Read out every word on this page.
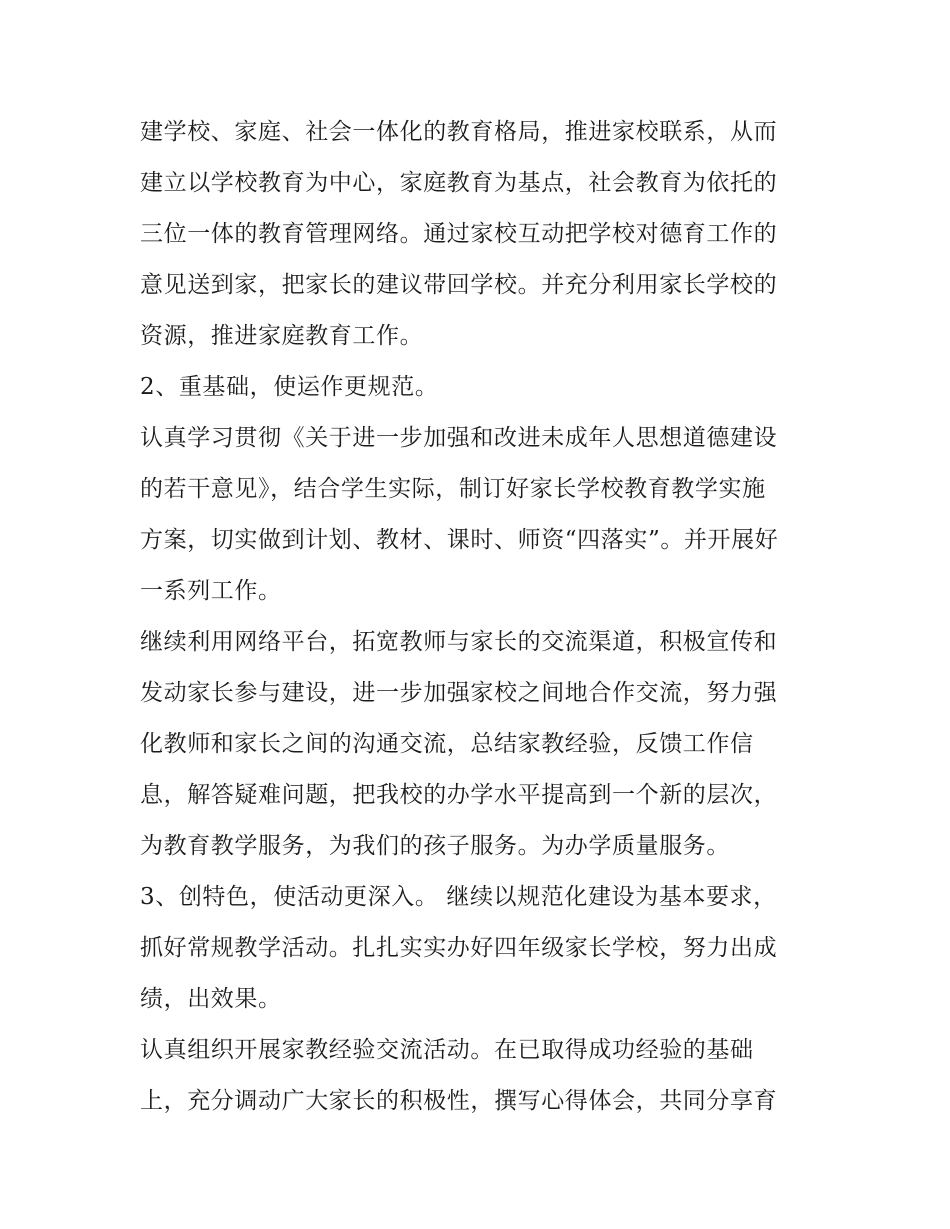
建学校、家庭、社会一体化的教育格局，推进家校联系，从而
建立以学校教育为中心，家庭教育为基点，社会教育为依托的
三位一体的教育管理网络。通过家校互动把学校对德育工作的
意见送到家，把家长的建议带回学校。并充分利用家长学校的
资源，推进家庭教育工作。
2、重基础，使运作更规范。
认真学习贯彻《关于进一步加强和改进未成年人思想道德建设
的若干意见》，结合学生实际，制订好家长学校教育教学实施
方案，切实做到计划、教材、课时、师资“四落实”。并开展好
一系列工作。
继续利用网络平台，拓宽教师与家长的交流渠道，积极宣传和
发动家长参与建设，进一步加强家校之间地合作交流，努力强
化教师和家长之间的沟通交流，总结家教经验，反馈工作信
息，解答疑难问题，把我校的办学水平提高到一个新的层次，
为教育教学服务，为我们的孩子服务。为办学质量服务。
3、创特色，使活动更深入。 继续以规范化建设为基本要求，
抓好常规教学活动。扎扎实实办好四年级家长学校，努力出成
绩，出效果。
认真组织开展家教经验交流活动。在已取得成功经验的基础
上，充分调动广大家长的积极性，撰写心得体会，共同分享育
